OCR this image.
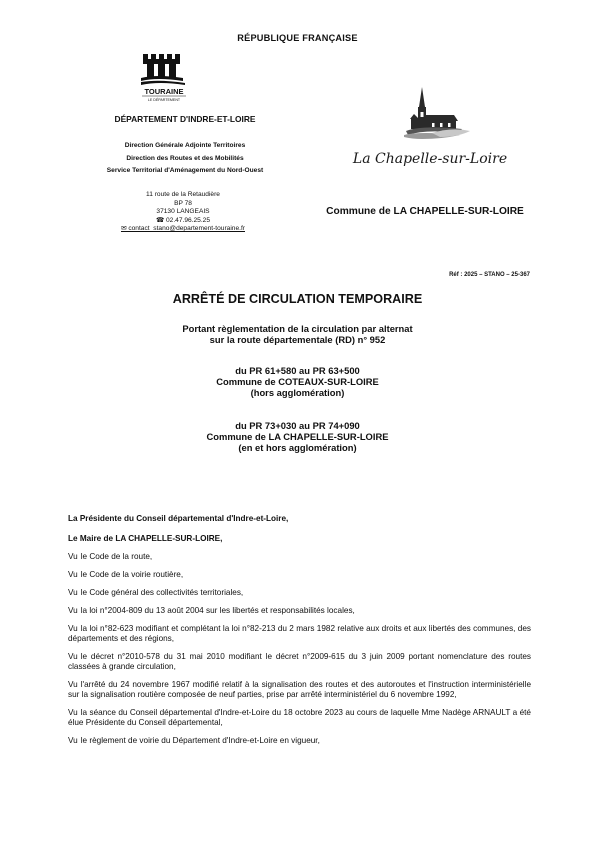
RÉPUBLIQUE FRANÇAISE
TOURAINE
LE DÉPARTEMENT
DÉPARTEMENT D'INDRE-ET-LOIRE
Direction Générale Adjointe Territoires
Direction des Routes et des Mobilités
Service Territorial d'Aménagement du Nord-Ouest
11 route de la Retaudière
BP 78
37130 LANGEAIS
☎ 02.47.96.25.25
✉ contact_stano@departement-touraine.fr
La Chapelle-sur-Loire
Commune de LA CHAPELLE-SUR-LOIRE
Réf : 2025 – STANO – 25-367
ARRÊTÉ DE CIRCULATION TEMPORAIRE
Portant règlementation de la circulation par alternat
sur la route départementale (RD) n° 952
du PR 61+580 au PR 63+500
Commune de COTEAUX-SUR-LOIRE
(hors agglomération)
du PR 73+030 au PR 74+090
Commune de LA CHAPELLE-SUR-LOIRE
(en et hors agglomération)

La Présidente du Conseil départemental d'Indre-et-Loire,

Le Maire de LA CHAPELLE-SUR-LOIRE,

Vu le Code de la route,

Vu le Code de la voirie routière,

Vu le Code général des collectivités territoriales,

Vu la loi n°2004-809 du 13 août 2004 sur les libertés et responsabilités locales,

Vu la loi n°82-623 modifiant et complétant la loi n°82-213 du 2 mars 1982 relative aux droits et aux libertés des communes, des départements et des régions,

Vu le décret n°2010-578 du 31 mai 2010 modifiant le décret n°2009-615 du 3 juin 2009 portant nomenclature des routes classées à grande circulation,

Vu l'arrêté du 24 novembre 1967 modifié relatif à la signalisation des routes et des autoroutes et l'instruction interministérielle sur la signalisation routière composée de neuf parties, prise par arrêté interministériel du 6 novembre 1992,

Vu la séance du Conseil départemental d'Indre-et-Loire du 18 octobre 2023 au cours de laquelle Mme Nadège ARNAULT a été élue Présidente du Conseil départemental,

Vu le règlement de voirie du Département d'Indre-et-Loire en vigueur,
